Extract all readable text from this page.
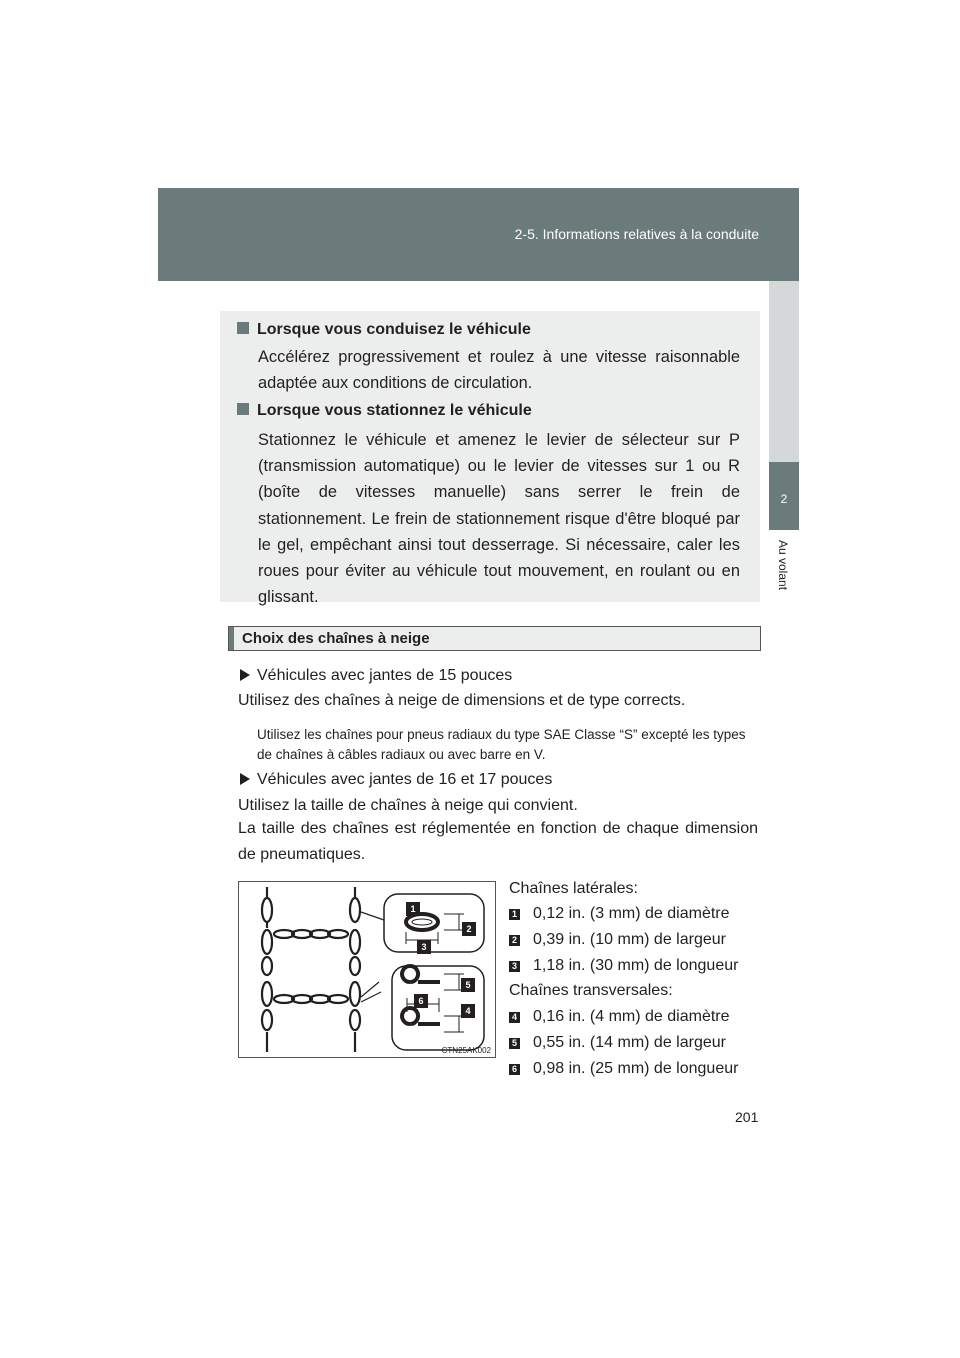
2-5. Informations relatives à la conduite
2
Au volant
Lorsque vous conduisez le véhicule
Accélérez progressivement et roulez à une vitesse raisonnable adaptée aux conditions de circulation.
Lorsque vous stationnez le véhicule
Stationnez le véhicule et amenez le levier de sélecteur sur P (transmission automatique) ou le levier de vitesses sur 1 ou R (boîte de vitesses manuelle) sans serrer le frein de stationnement. Le frein de stationnement risque d'être bloqué par le gel, empêchant ainsi tout desserrage. Si nécessaire, caler les roues pour éviter au véhicule tout mouvement, en roulant ou en glissant.
Choix des chaînes à neige
Véhicules avec jantes de 15 pouces
Utilisez des chaînes à neige de dimensions et de type corrects.
Utilisez les chaînes pour pneus radiaux du type SAE Classe “S” excepté les types de chaînes à câbles radiaux ou avec barre en V.
Véhicules avec jantes de 16 et 17 pouces
Utilisez la taille de chaînes à neige qui convient.
La taille des chaînes est réglementée en fonction de chaque dimension de pneumatiques.
1
2
3
4
5
6
CTN25AK002
Chaînes latérales:
1 0,12 in. (3 mm) de diamètre
2 0,39 in. (10 mm) de largeur
3 1,18 in. (30 mm) de longueur
Chaînes transversales:
4 0,16 in. (4 mm) de diamètre
5 0,55 in. (14 mm) de largeur
6 0,98 in. (25 mm) de longueur
201
